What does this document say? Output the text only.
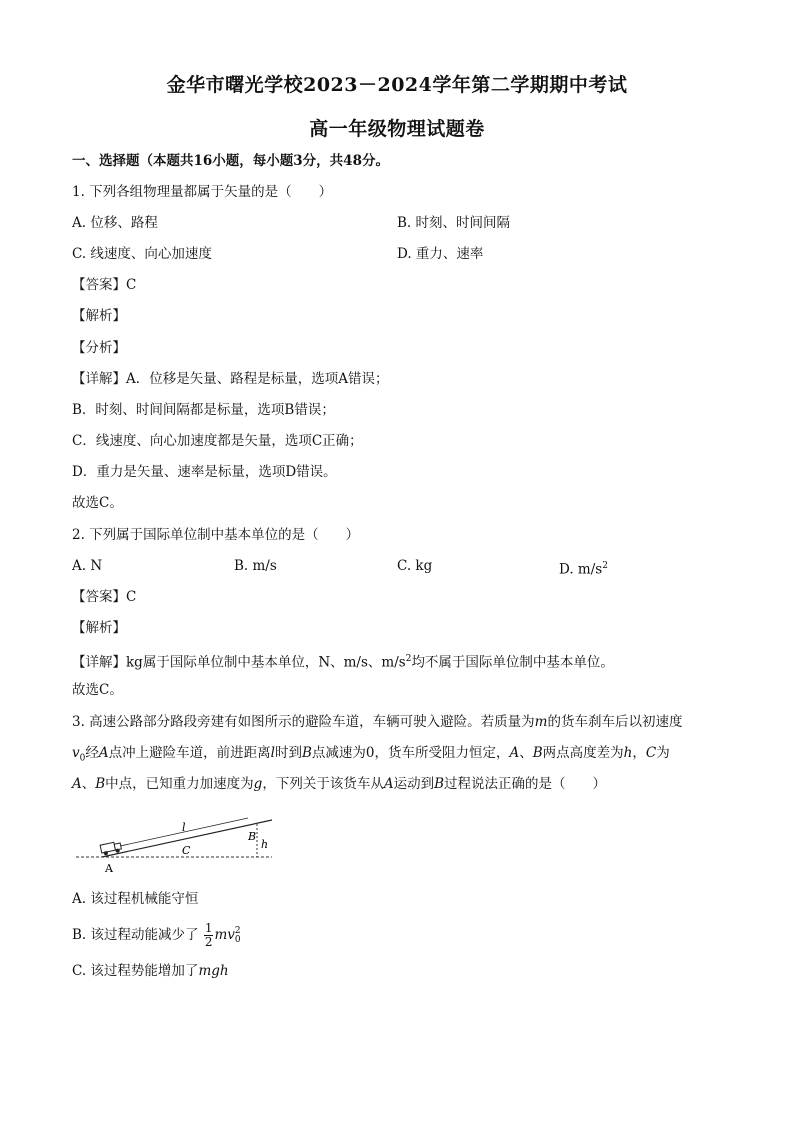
金华市曙光学校2023－2024学年第二学期期中考试
高一年级物理试题卷
一、选择题（本题共16小题，每小题3分，共48分。
1. 下列各组物理量都属于矢量的是（　　）
A. 位移、路程	B. 时刻、时间间隔
C. 线速度、向心加速度	D. 重力、速率
【答案】C
【解析】
【分析】
【详解】A．位移是矢量、路程是标量，选项A错误；
B．时刻、时间间隔都是标量，选项B错误；
C．线速度、向心加速度都是矢量，选项C正确；
D．重力是矢量、速率是标量，选项D错误。
故选C。
2. 下列属于国际单位制中基本单位的是（　　）
A. N	B. m/s	C. kg	D. $m/s^2$
【答案】C
【解析】
【详解】kg属于国际单位制中基本单位，N、m/s、$m/s^2$均不属于国际单位制中基本单位。
故选C。
3. 高速公路部分路段旁建有如图所示的避险车道，车辆可驶入避险。若质量为m的货车刹车后以初速度
$v_0$经A点冲上避险车道，前进距离l时到B点减速为0，货车所受阻力恒定，A、B两点高度差为h，C为
A、B中点，已知重力加速度为g，下列关于该货车从A运动到B过程说法正确的是（　　）
l
B
C	h
A
A. 该过程机械能守恒
B. 该过程动能减少了 $\frac{1}{2}$ mv 2
0
C. 该过程势能增加了mgh
